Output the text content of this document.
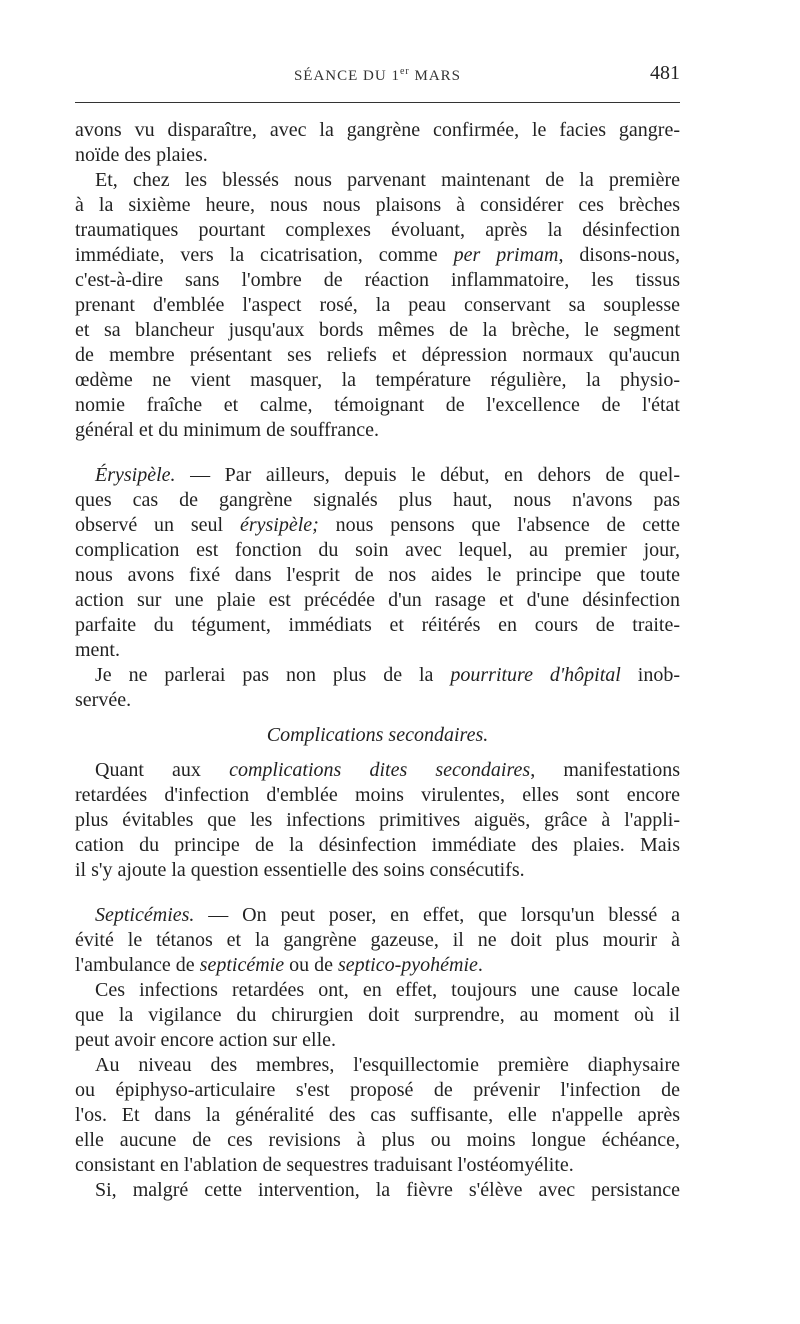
SÉANCE DU 1er MARS	481
avons vu disparaître, avec la gangrène confirmée, le facies gangre-
noïde des plaies.
Et, chez les blessés nous parvenant maintenant de la première
à la sixième heure, nous nous plaisons à considérer ces brèches
traumatiques pourtant complexes évoluant, après la désinfection
immédiate, vers la cicatrisation, comme per primam, disons-nous,
c'est-à-dire sans l'ombre de réaction inflammatoire, les tissus
prenant d'emblée l'aspect rosé, la peau conservant sa souplesse
et sa blancheur jusqu'aux bords mêmes de la brèche, le segment
de membre présentant ses reliefs et dépression normaux qu'aucun
œdème ne vient masquer, la température régulière, la physio-
nomie fraîche et calme, témoignant de l'excellence de l'état
général et du minimum de souffrance.
Érysipèle. — Par ailleurs, depuis le début, en dehors de quel-
ques cas de gangrène signalés plus haut, nous n'avons pas
observé un seul érysipèle; nous pensons que l'absence de cette
complication est fonction du soin avec lequel, au premier jour,
nous avons fixé dans l'esprit de nos aides le principe que toute
action sur une plaie est précédée d'un rasage et d'une désinfection
parfaite du tégument, immédiats et réitérés en cours de traite-
ment.
Je ne parlerai pas non plus de la pourriture d'hôpital inob-
servée.
Complications secondaires.
Quant aux complications dites secondaires, manifestations
retardées d'infection d'emblée moins virulentes, elles sont encore
plus évitables que les infections primitives aiguës, grâce à l'appli-
cation du principe de la désinfection immédiate des plaies. Mais
il s'y ajoute la question essentielle des soins consécutifs.
Septicémies. — On peut poser, en effet, que lorsqu'un blessé a
évité le tétanos et la gangrène gazeuse, il ne doit plus mourir à
l'ambulance de septicémie ou de septico-pyohémie.
Ces infections retardées ont, en effet, toujours une cause locale
que la vigilance du chirurgien doit surprendre, au moment où il
peut avoir encore action sur elle.
Au niveau des membres, l'esquillectomie première diaphysaire
ou épiphyso-articulaire s'est proposé de prévenir l'infection de
l'os. Et dans la généralité des cas suffisante, elle n'appelle après
elle aucune de ces revisions à plus ou moins longue échéance,
consistant en l'ablation de sequestres traduisant l'ostéomyélite.
Si, malgré cette intervention, la fièvre s'élève avec persistance
